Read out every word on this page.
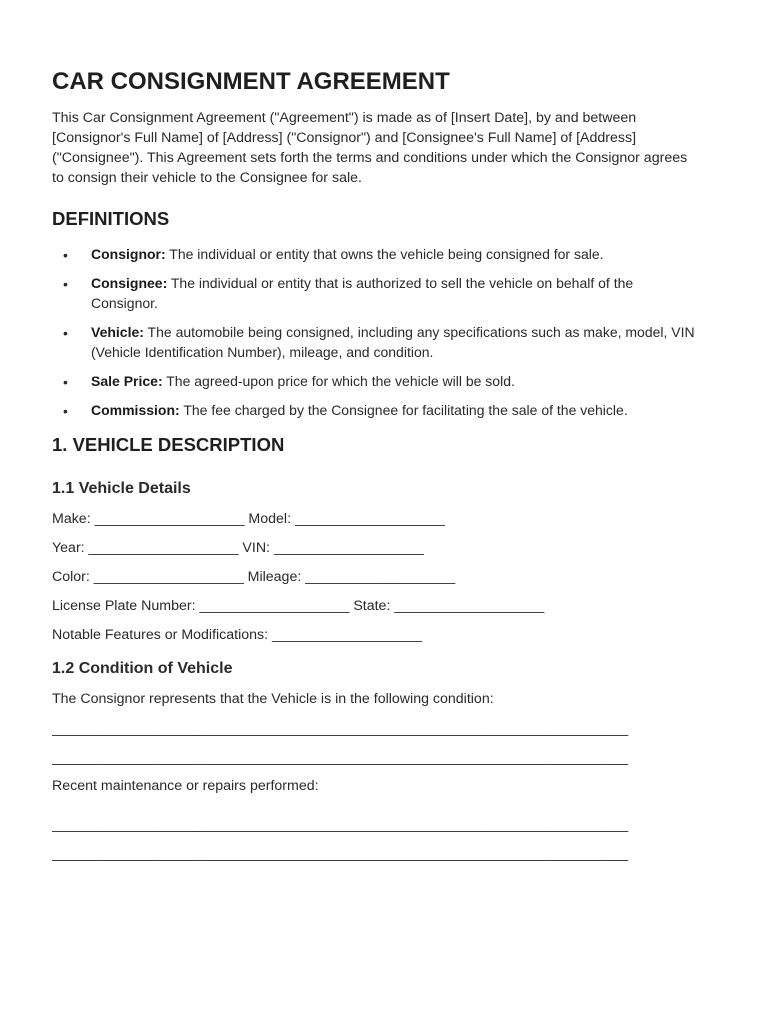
CAR CONSIGNMENT AGREEMENT

This Car Consignment Agreement ("Agreement") is made as of [Insert Date], by and between [Consignor's Full Name] of [Address] ("Consignor") and [Consignee's Full Name] of [Address] ("Consignee"). This Agreement sets forth the terms and conditions under which the Consignor agrees to consign their vehicle to the Consignee for sale.

DEFINITIONS
• Consignor: The individual or entity that owns the vehicle being consigned for sale.
• Consignee: The individual or entity that is authorized to sell the vehicle on behalf of the Consignor.
• Vehicle: The automobile being consigned, including any specifications such as make, model, VIN (Vehicle Identification Number), mileage, and condition.
• Sale Price: The agreed-upon price for which the vehicle will be sold.
• Commission: The fee charged by the Consignee for facilitating the sale of the vehicle.
1. VEHICLE DESCRIPTION
1.1 Vehicle Details
Make: ___________________ Model: ___________________
Year: ___________________ VIN: ___________________
Color: ___________________ Mileage: ___________________
License Plate Number: ___________________ State: ___________________
Notable Features or Modifications: ___________________
1.2 Condition of Vehicle

The Consignor represents that the Vehicle is in the following condition:

__________________________________________________________________________
__________________________________________________________________________

Recent maintenance or repairs performed:

__________________________________________________________________________
__________________________________________________________________________
